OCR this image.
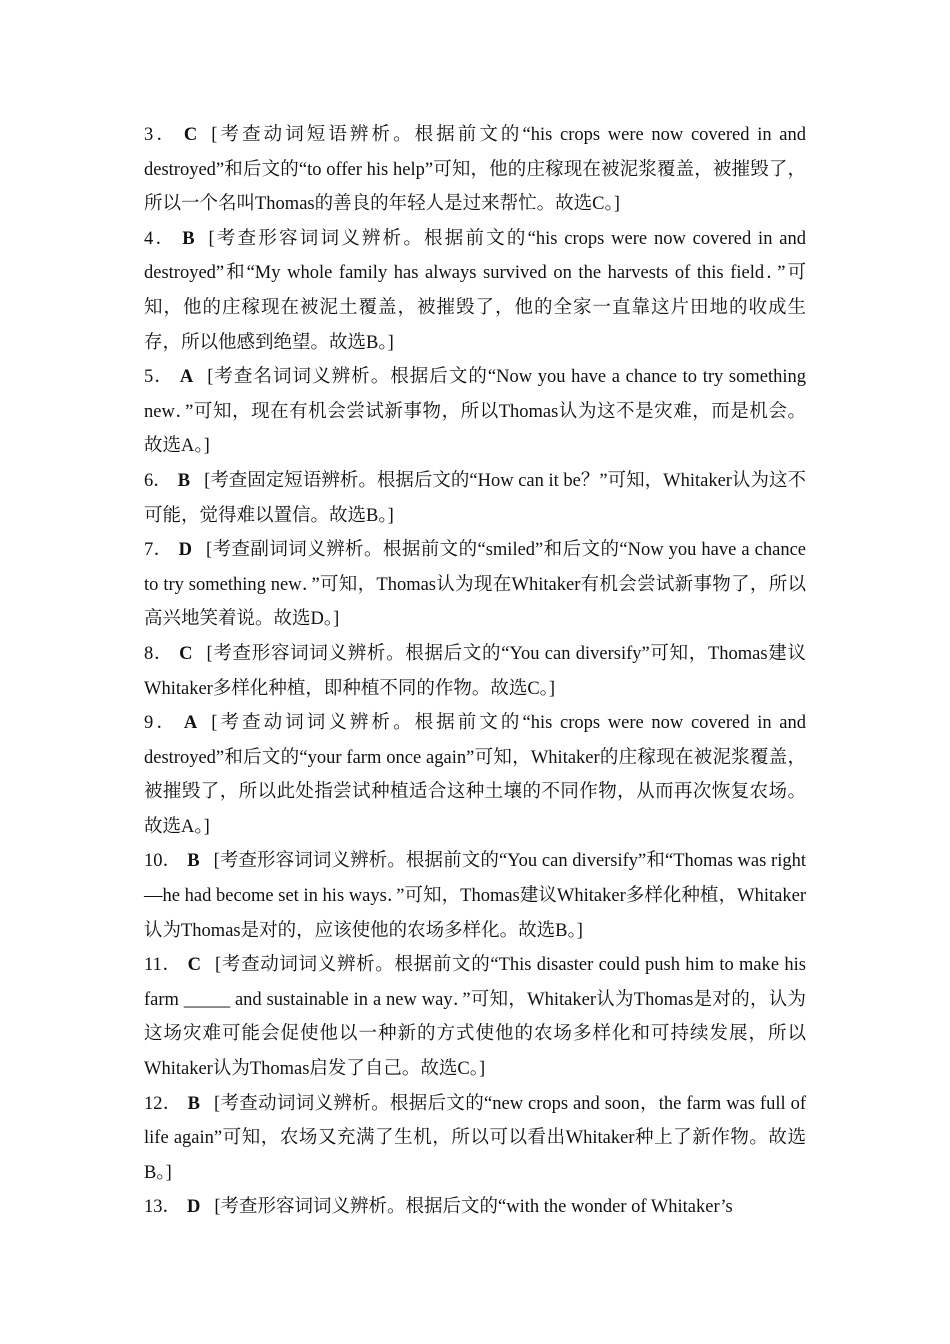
3． C [考查动词短语辨析。根据前文的“his crops were now covered in and destroyed”和后文的“to offer his help”可知，他的庄稼现在被泥浆覆盖，被摧毁了，所以一个名叫Thomas的善良的年轻人是过来帮忙。故选C。]

4． B [考查形容词词义辨析。根据前文的“his crops were now covered in and destroyed”和“My whole family has always survived on the harvests of this field．”可知，他的庄稼现在被泥土覆盖，被摧毁了，他的全家一直靠这片田地的收成生存，所以他感到绝望。故选B。]

5． A [考查名词词义辨析。根据后文的“Now you have a chance to try something new．”可知，现在有机会尝试新事物，所以Thomas认为这不是灾难，而是机会。故选A。]

6． B [考查固定短语辨析。根据后文的“How can it be？”可知，Whitaker认为这不可能，觉得难以置信。故选B。]

7． D [考查副词词义辨析。根据前文的“smiled”和后文的“Now you have a chance to try something new．”可知，Thomas认为现在Whitaker有机会尝试新事物了，所以高兴地笑着说。故选D。]

8． C [考查形容词词义辨析。根据后文的“You can diversify”可知，Thomas建议Whitaker多样化种植，即种植不同的作物。故选C。]

9． A [考查动词词义辨析。根据前文的“his crops were now covered in and destroyed”和后文的“your farm once again”可知，Whitaker的庄稼现在被泥浆覆盖，被摧毁了，所以此处指尝试种植适合这种土壤的不同作物，从而再次恢复农场。故选A。]

10． B [考查形容词词义辨析。根据前文的“You can diversify”和“Thomas was right—he had become set in his ways．”可知，Thomas建议Whitaker多样化种植，Whitaker认为Thomas是对的，应该使他的农场多样化。故选B。]

11． C [考查动词词义辨析。根据前文的“This disaster could push him to make his farm _____ and sustainable in a new way．”可知，Whitaker认为Thomas是对的，认为这场灾难可能会促使他以一种新的方式使他的农场多样化和可持续发展，所以Whitaker认为Thomas启发了自己。故选C。]

12． B [考查动词词义辨析。根据后文的“new crops and soon，the farm was full of life again”可知，农场又充满了生机，所以可以看出Whitaker种上了新作物。故选B。]

13． D [考查形容词词义辨析。根据后文的“with the wonder of Whitaker’s
